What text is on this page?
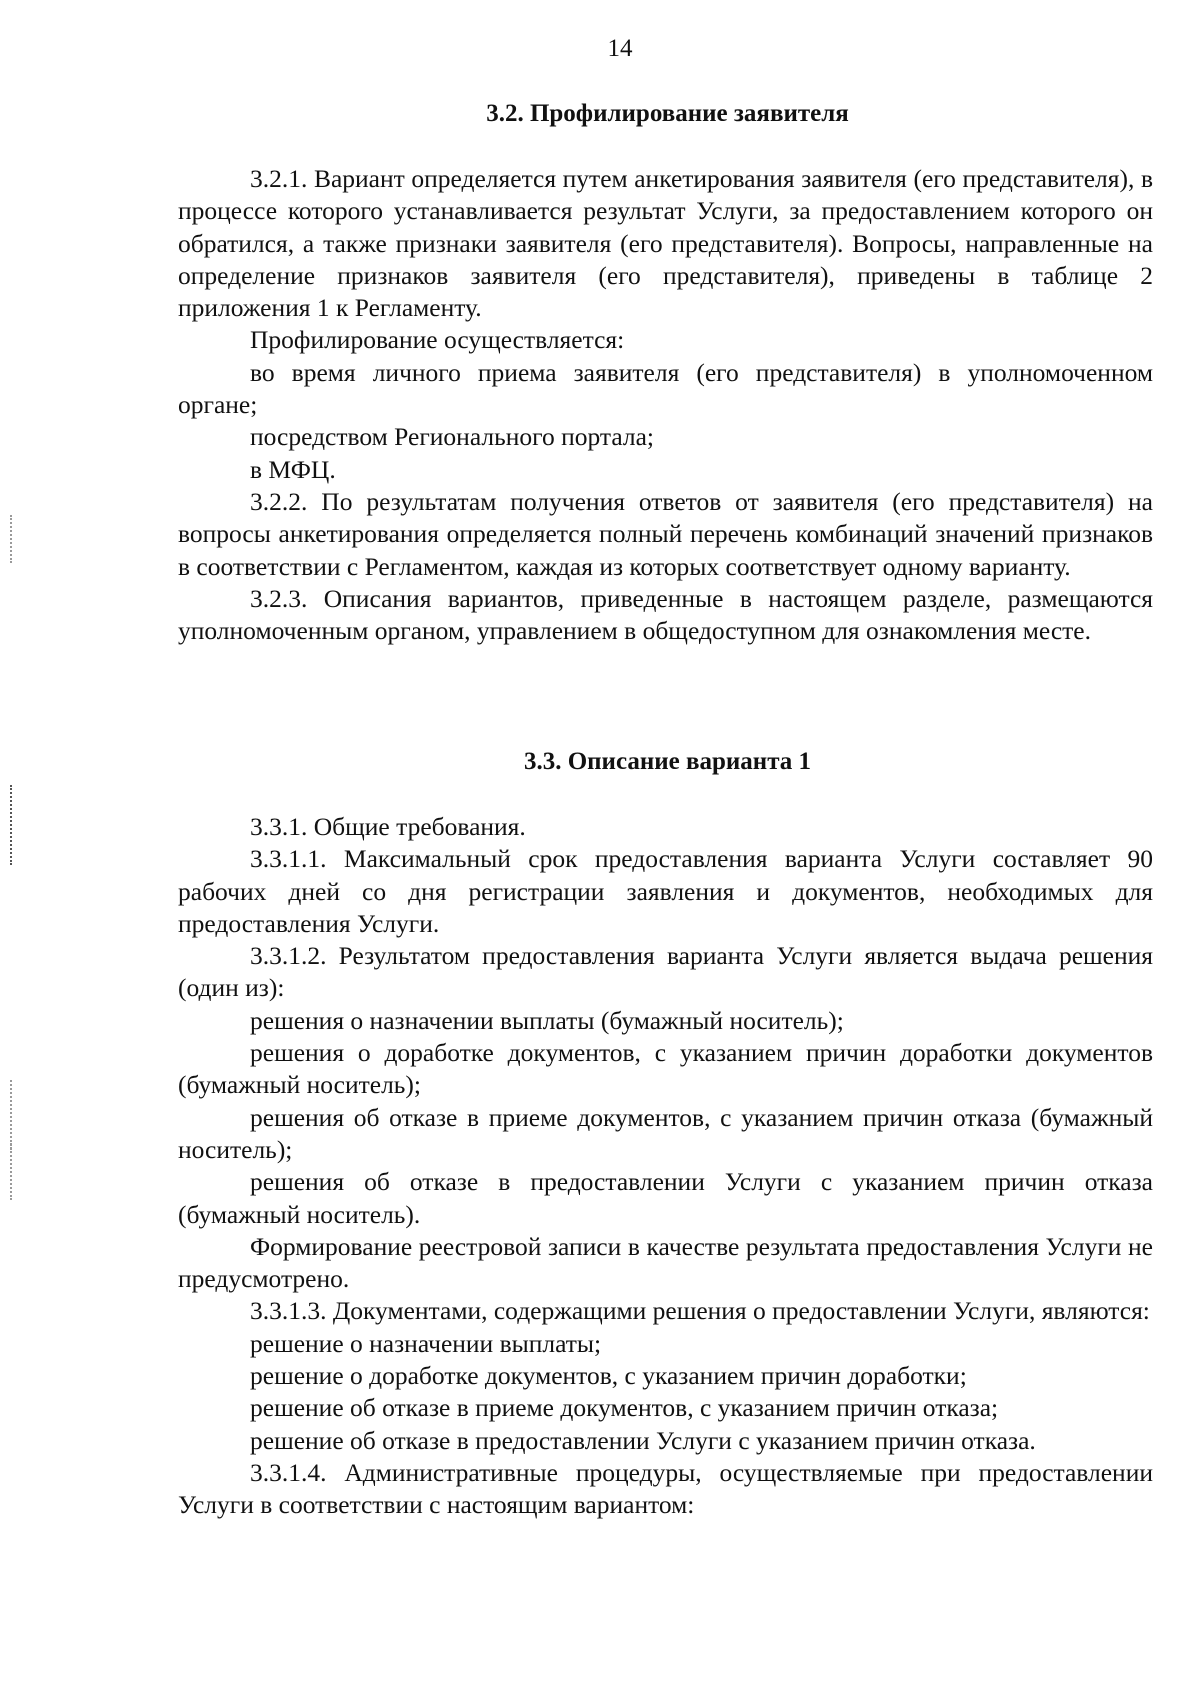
14
3.2. Профилирование заявителя

3.2.1. Вариант определяется путем анкетирования заявителя (его представителя), в процессе которого устанавливается результат Услуги, за предоставлением которого он обратился, а также признаки заявителя (его представителя). Вопросы, направленные на определение признаков заявителя (его представителя), приведены в таблице 2 приложения 1 к Регламенту.

Профилирование осуществляется:

во время личного приема заявителя (его представителя) в уполномоченном органе;

посредством Регионального портала;

в МФЦ.

3.2.2. По результатам получения ответов от заявителя (его представителя) на вопросы анкетирования определяется полный перечень комбинаций значений признаков в соответствии с Регламентом, каждая из которых соответствует одному варианту.

3.2.3. Описания вариантов, приведенные в настоящем разделе, размещаются уполномоченным органом, управлением в общедоступном для ознакомления месте.

3.3. Описание варианта 1

3.3.1. Общие требования.

3.3.1.1. Максимальный срок предоставления варианта Услуги составляет 90 рабочих дней со дня регистрации заявления и документов, необходимых для предоставления Услуги.

3.3.1.2. Результатом предоставления варианта Услуги является выдача решения (один из):

решения о назначении выплаты (бумажный носитель);

решения о доработке документов, с указанием причин доработки документов (бумажный носитель);

решения об отказе в приеме документов, с указанием причин отказа (бумажный носитель);

решения об отказе в предоставлении Услуги с указанием причин отказа (бумажный носитель).

Формирование реестровой записи в качестве результата предоставления Услуги не предусмотрено.

3.3.1.3. Документами, содержащими решения о предоставлении Услуги, являются:

решение о назначении выплаты;

решение о доработке документов, с указанием причин доработки;

решение об отказе в приеме документов, с указанием причин отказа;

решение об отказе в предоставлении Услуги с указанием причин отказа.

3.3.1.4. Административные процедуры, осуществляемые при предоставлении Услуги в соответствии с настоящим вариантом:
